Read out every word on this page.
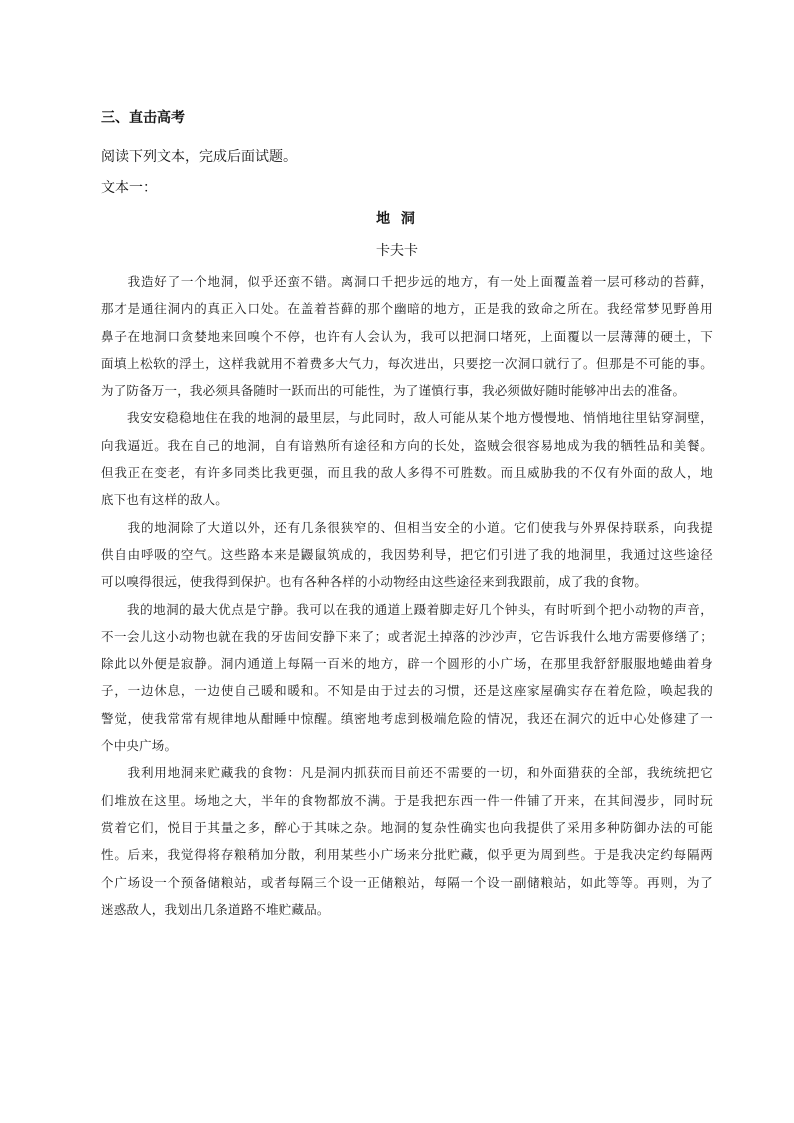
三、直击高考
阅读下列文本，完成后面试题。
文本一：
地 洞
卡夫卡
　　我造好了一个地洞，似乎还蛮不错。离洞口千把步远的地方，有一处上面覆盖着一层可移动的苔藓，
那才是通往洞内的真正入口处。在盖着苔藓的那个幽暗的地方，正是我的致命之所在。我经常梦见野兽用
鼻子在地洞口贪婪地来回嗅个不停，也许有人会认为，我可以把洞口堵死，上面覆以一层薄薄的硬土，下
面填上松软的浮土，这样我就用不着费多大气力，每次进出，只要挖一次洞口就行了。但那是不可能的事。
为了防备万一，我必须具备随时一跃而出的可能性，为了谨慎行事，我必须做好随时能够冲出去的准备。
　　我安安稳稳地住在我的地洞的最里层，与此同时，敌人可能从某个地方慢慢地、悄悄地往里钻穿洞壁，
向我逼近。我在自己的地洞，自有谙熟所有途径和方向的长处，盗贼会很容易地成为我的牺牲品和美餐。
但我正在变老，有许多同类比我更强，而且我的敌人多得不可胜数。而且威胁我的不仅有外面的敌人，地
底下也有这样的敌人。
　　我的地洞除了大道以外，还有几条很狭窄的、但相当安全的小道。它们使我与外界保持联系，向我提
供自由呼吸的空气。这些路本来是鼹鼠筑成的，我因势利导，把它们引进了我的地洞里，我通过这些途径
可以嗅得很远，使我得到保护。也有各种各样的小动物经由这些途径来到我跟前，成了我的食物。
　　我的地洞的最大优点是宁静。我可以在我的通道上蹑着脚走好几个钟头，有时听到个把小动物的声音，
不一会儿这小动物也就在我的牙齿间安静下来了；或者泥土掉落的沙沙声，它告诉我什么地方需要修缮了；
除此以外便是寂静。洞内通道上每隔一百米的地方，辟一个圆形的小广场，在那里我舒舒服服地蜷曲着身
子，一边休息，一边使自己暖和暖和。不知是由于过去的习惯，还是这座家屋确实存在着危险，唤起我的
警觉，使我常常有规律地从酣睡中惊醒。缜密地考虑到极端危险的情况，我还在洞穴的近中心处修建了一
个中央广场。
　　我利用地洞来贮藏我的食物：凡是洞内抓获而目前还不需要的一切，和外面猎获的全部，我统统把它
们堆放在这里。场地之大，半年的食物都放不满。于是我把东西一件一件铺了开来，在其间漫步，同时玩
赏着它们，悦目于其量之多，醉心于其味之杂。地洞的复杂性确实也向我提供了采用多种防御办法的可能
性。后来，我觉得将存粮稍加分散，利用某些小广场来分批贮藏，似乎更为周到些。于是我决定约每隔两
个广场设一个预备储粮站，或者每隔三个设一正储粮站，每隔一个设一副储粮站，如此等等。再则，为了
迷惑敌人，我划出几条道路不堆贮藏品。
